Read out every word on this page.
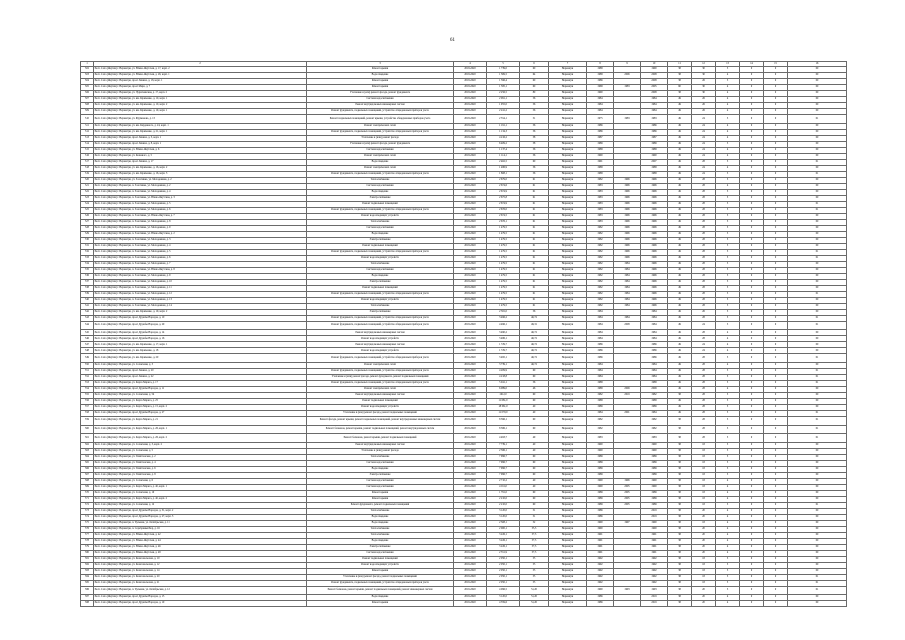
61
1	2	3	4	5	6	7	8	9	10	11	12	13	14	15	16
502	Респ. Саха (Якутия) г. Нерюнгри, ул. Южно-Якутская, д. 17, корп. 2	Ремонт крыши	2018-2020	1 739,0	60	Нерюнгри	1988		1990	38	30	5	0	0	00
503	Респ. Саха (Якутия) г. Нерюнгри, ул. Южно-Якутская, д. 26, корп. 1	Водоотведение	2018-2020	1 369,5	64	Нерюнгри	1988	2006	2008	38	30	4	0	0	00
504	Респ. Саха (Якутия) г. Нерюнгри, пр-кт Ленина, д. 18, корп. 1	Ремонт крыши	2018-2020	1 596,4	60	Нерюнгри	1986		2008	38	26	5	0	0	00
505	Респ. Саха (Якутия) г. Нерюнгри, пр-кт Мира, д. 7	Ремонт крыши	2018-2020	1 585,1	60	Нерюнгри	1968	1983	2005	90	30	4	0	0	00
506	Респ. Саха (Якутия) г. Нерюнгри, ул. Чурапчинская, д. 17, корп. 2	Утепление и (или) ремонт фасада, ремонт фундамента	2018-2020	2 256,5	80	Нерюнгри	1990		2008	38	30	4	0	0	00
507	Респ. Саха (Якутия) г. Нерюнгри, ул. им. Кравченко, д. 10, корп. 1	Система водоснабжения	2018-2020	2 091,1	56	Нерюнгри	1984		1984	49	26	4	0	0	00
508	Респ. Саха (Якутия) г. Нерюнгри, ул. им. Кравченко, д. 10, корп. 2	Ремонт внутридомовых инженерных систем	2018-2020	1 955,0	56	Нерюнгри	1984		1984	49	26	4	0	0	00
509	Респ. Саха (Якутия) г. Нерюнгри, ул. им. Кравченко, д. 19, корп. 1	Ремонт фундамента, подвальных помещений, устройство общедомовых приборов учета	2018-2020	2 241,2	56	Нерюнгри	1984		1984	49	26	4	0	0	00
510	Респ. Саха (Якутия) г. Нерюнгри, ул. Фурманова, д. 13	Ремонт подвальных помещений, ремонт крыши, устройство общедомовых приборов учета	2018-2020	2 554,1	51	Нерюнгри	1975	1983	1983	49	24	5	0	0	01
511	Респ. Саха (Якутия) г. Нерюнгри, ул. им. Карданного, д. 24, корп. 1	Ремонт электрических сетей	2018-2020	1 191,1	56	Нерюнгри	1986		1986	49	24	4	0	0	00
512	Респ. Саха (Якутия) г. Нерюнгри, ул. им. Кравченко, д. 21, корп. 1	Ремонт фундамента, подвальных помещений, устройство общедомовых приборов учета	2018-2020	1 134,3	56	Нерюнгри	1986		1986	49	24	4	0	0	00
513	Респ. Саха (Якутия) г. Нерюнгри, пр-кт Ленина, д. 3, корп. 1	Утепление и (или) ремонт фасада	2018-2020	4 216,2	58	Нерюнгри	1987		1987	49	24	4	0	0	00
514	Респ. Саха (Якутия) г. Нерюнгри, пр-кт Ленина, д. 8, корп. 1	Утепление и (или) ремонт фасада, ремонт фундамента	2018-2020	6 409,2	58	Нерюнгри	1989		1989	49	24	5	0	0	00
515	Респ. Саха (Якутия) г. Нерюнгри, ул. Южно-Якутская, д. 6	Система водоснабжения	2018-2020	1 137,4	56	Нерюнгри	1988		1988	49	24	4	0	0	00
516	Респ. Саха (Якутия) г. Нерюнгри, ул. Кошевого, д. 5	Ремонт электрических сетей	2018-2020	1 114,1	56	Нерюнгри	1990		1990	49	24	4	0	0	00
517	Респ. Саха (Якутия) г. Нерюнгри, пр-кт Ленина, д. 17	Водоотведение	2018-2020	2 462,5	60	Нерюнгри	1991		2007	49	28	5	0	0	01
518	Респ. Саха (Якутия) г. Нерюнгри, ул. им. Кравченко, д. 16, корп. 2	Ремонт электрических сетей	2018-2020	1 486,9	56	Нерюнгри	1988		1988	49	24	4	0	0	00
519	Респ. Саха (Якутия) г. Нерюнгри, ул. им. Кравченко, д. 16, корп. 3	Ремонт фундамента, подвальных помещений, устройство общедомовых приборов учета	2018-2020	1 808,1	56	Нерюнгри	1988		1988	49	24	5	0	0	01
520	Респ. Саха (Якутия) г. Нерюнгри, ул. Золотинка, ул. Молодежная, д. 2	Теплоснабжение	2018-2020	2 679,0	61	Нерюнгри	1982	1996	1996	49	28	5	0	0	00
521	Респ. Саха (Якутия) г. Нерюнгри, п. Золотинка, ул. Молодежная, д. 2	Система водоснабжения	2018-2020	2 674,6	61	Нерюнгри	1983	1996	1996	49	28	4	0	0	00
522	Респ. Саха (Якутия) г. Нерюнгри, п. Золотинка, ул. Молодежная, д. 4	Водоотведение	2018-2020	2 674,9	61	Нерюнгри	1983	1996	1996	49	28	5	0	0	00
523	Респ. Саха (Якутия) г. Нерюнгри, п. Золотинка, ул. Южно-Якутская, д. 3	Электроснабжение	2018-2020	2 675,8	61	Нерюнгри	1983	1996	1996	49	28	5	0	0	00
524	Респ. Саха (Якутия) г. Нерюнгри, п. Золотинка, ул. Молодежная, д. 5	Ремонт подвальных помещений	2018-2020	2 674,9	61	Нерюнгри	1983	1996	1996	49	28	5	0	0	01
525	Респ. Саха (Якутия) г. Нерюнгри, п. Золотинка, ул. Молодежная, д. 6	Ремонт фундамента, подвальных помещений, устройство общедомовых приборов учета	2018-2020	2 676,0	61	Нерюнгри	1983	1996	1996	49	28	5	0	0	01
526	Респ. Саха (Якутия) г. Нерюнгри, п. Золотинка, ул. Южно-Якутская, д. 7	Ремонт водоотводящих устройств	2018-2020	2 674,5	61	Нерюнгри	1983	1996	1996	49	28	5	0	0	00
527	Респ. Саха (Якутия) г. Нерюнгри, п. Золотинка, ул. Молодежная, д. 8	Теплоснабжение	2018-2020	2 676,1	61	Нерюнгри	1983	1996	1996	49	28	5	0	0	00
528	Респ. Саха (Якутия) г. Нерюнгри, п. Золотинка, ул. Молодежная, д. 9	Система водоснабжения	2018-2020	1 479,5	61	Нерюнгри	1982	1996	1996	49	28	5	0	0	00
529	Респ. Саха (Якутия) г. Нерюнгри, п. Золотинка, ул. Южно-Якутская, д. 2	Водоотведение	2018-2020	1 479,5	61	Нерюнгри	1982	1996	1996	49	28	5	0	0	00
530	Респ. Саха (Якутия) г. Нерюнгри, п. Золотинка, ул. Молодежная, д. 3	Электроснабжение	2018-2020	1 479,5	61	Нерюнгри	1982	1996	1996	49	28	5	0	0	00
531	Респ. Саха (Якутия) г. Нерюнгри, п. Золотинка, ул. Молодежная, д. 4	Ремонт подвальных помещений	2018-2020	1 479,5	61	Нерюнгри	1982	1996	1996	49	28	5	0	0	00
532	Респ. Саха (Якутия) г. Нерюнгри, п. Золотинка, ул. Молодежная, д. 5	Ремонт фундамента, подвальных помещений, устройство общедомовых приборов учета	2018-2020	1 479,5	61	Нерюнгри	1982	1996	1996	49	28	5	0	0	01
533	Респ. Саха (Якутия) г. Нерюнгри, п. Золотинка, ул. Молодежная, д. 6	Ремонт водоотводящих устройств	2018-2020	1 479,5	61	Нерюнгри	1982	1996	1996	49	28	5	0	0	01
534	Респ. Саха (Якутия) г. Нерюнгри, п. Золотинка, ул. Молодежная, д. 7	Теплоснабжение	2018-2020	1 479,5	61	Нерюнгри	1982	1984	1996	49	28	5	0	0	00
535	Респ. Саха (Якутия) г. Нерюнгри, п. Золотинка, ул. Южно-Якутская, д. 8	Система водоснабжения	2018-2020	1 479,5	61	Нерюнгри	1982	1984	1996	49	28	5	0	0	00
536	Респ. Саха (Якутия) г. Нерюнгри, п. Золотинка, ул. Молодежная, д. 9	Водоотведение	2018-2020	1 479,5	61	Нерюнгри	1982	1984	1996	49	28	5	0	0	00
537	Респ. Саха (Якутия) г. Нерюнгри, п. Золотинка, ул. Молодежная, д. 10	Электроснабжение	2018-2020	1 479,5	61	Нерюнгри	1982	1984	1996	49	28	5	0	0	00
538	Респ. Саха (Якутия) г. Нерюнгри, п. Золотинка, ул. Молодежная, д. 11	Ремонт подвальных помещений	2018-2020	1 479,5	61	Нерюнгри	1982	1984	1996	49	28	5	0	0	00
539	Респ. Саха (Якутия) г. Нерюнгри, п. Золотинка, ул. Молодежная, д. 12	Ремонт фундамента, подвальных помещений, устройство общедомовых приборов учета	2018-2020	1 479,5	61	Нерюнгри	1982	1984	1996	49	28	5	0	0	01
540	Респ. Саха (Якутия) г. Нерюнгри, п. Золотинка, ул. Молодежная, д. 13	Ремонт водоотводящих устройств	2018-2020	1 479,5	61	Нерюнгри	1982	1984	1996	49	28	5	0	0	00
541	Респ. Саха (Якутия) г. Нерюнгри, п. Золотинка, ул. Молодежная, д. 14	Теплоснабжение	2018-2020	1 479,5	61	Нерюнгри	1982	1984	1996	49	28	5	0	0	00
542	Респ. Саха (Якутия) г. Нерюнгри, ул. им. Кравченко, д. 19, корп. 2	Электроснабжение	2018-2020	2 581,0	56	Нерюнгри	1984		1984	49	26	5	0	0	00
543	Респ. Саха (Якутия) г. Нерюнгри, пр-кт Дружбы Народов, д. 10	Ремонт фундамента, подвальных помещений, устройство общедомовых приборов учета	2018-2020	3 496,2	46,72	Нерюнгри	1984	1984	1984	49	28	5	0	0	01
544	Респ. Саха (Якутия) г. Нерюнгри, пр-кт Дружбы Народов, д. 29	Ремонт фундамента, подвальных помещений, устройство общедомовых приборов учета	2018-2020	4 496,1	49,31	Нерюнгри	1984	2008	1984	49	24	5	0	0	01
545	Респ. Саха (Якутия) г. Нерюнгри, пр-кт Дружбы Народов, д. 14	Ремонт внутридомовых инженерных систем	2018-2020	3 490,2	46,72	Нерюнгри	1984		1984	49	28	4	0	0	00
546	Респ. Саха (Якутия) г. Нерюнгри, пр-кт Дружбы Народов, д. 16	Ремонт водоотводящих устройств	2018-2020	3 486,1	46,72	Нерюнгри	1984		1984	49	28	4	0	0	00
547	Респ. Саха (Якутия) г. Нерюнгри, ул. им. Кравченко, д. 17, корп. 1	Ремонт внутридомовых инженерных систем	2018-2020	1 729,7	46,72	Нерюнгри	1986		1986	49	24	4	0	0	00
548	Респ. Саха (Якутия) г. Нерюнгри, ул. им. Кравченко, д. 18	Ремонт водоотводящих устройств	2018-2020	1 729,7	46,72	Нерюнгри	1986		1986	49	24	4	0	0	00
549	Респ. Саха (Якутия) г. Нерюнгри, ул. им. Кравченко, д. 20	Ремонт фундамента, подвальных помещений, устройство общедомовых приборов учета	2018-2020	3 495,1	46,72	Нерюнгри	1986		1986	49	28	5	0	0	01
550	Респ. Саха (Якутия) г. Нерюнгри, ул. Солнечная, д. 3	Ремонт электрических сетей	2018-2020	3 739,1	46,72	Нерюнгри	1984		1984	49	28	4	0	0	00
551	Респ. Саха (Якутия) г. Нерюнгри, пр-кт Ленина, д. 20	Ремонт фундамента, подвальных помещений, устройство общедомовых приборов учета	2018-2020	4 209,9	60	Нерюнгри	1984		1984	49	28	5	0	0	01
552	Респ. Саха (Якутия) г. Нерюнгри, пр-кт Ленина, д. 22	Утепление и (или) ремонт фасада, ремонт фундамента, ремонт подвальных помещений	2018-2020	4 218,8	60	Нерюнгри	1984		1984	49	28	5	0	0	01
553	Респ. Саха (Якутия) г. Нерюнгри, ул. Карла Маркса, д. 17	Ремонт фундамента, подвальных помещений, устройство общедомовых приборов учета	2018-2020	5 041,1	56	Нерюнгри	1988		1988	49	28	5	0	0	01
554	Респ. Саха (Якутия) г. Нерюнгри, пр-кт Дружбы Народов, д. 11	Ремонт электрических сетей	2018-2020	6 089,0	46	Нерюнгри	1988	2009	2009	49	28	4	0	0	00
555	Респ. Саха (Якутия) г. Нерюнгри, ул. Солнечная, д. 54	Ремонт внутридомовых инженерных систем	2018-2020	1612,0	60	Нерюнгри	1982	2019	1982	38	28	5	0	0	00
556	Респ. Саха (Якутия) г. Нерюнгри, ул. Карла Маркса, д. 25	Ремонт подвальных помещений	2018-2020	11 681,0	60	Нерюнгри	1988		1988	49	28	5	0	0	00
557	Респ. Саха (Якутия) г. Нерюнгри, ул. Карла Маркса, д. 15, корп. 2	Ремонт водоотводящих устройств	2018-2020	18 061,0	40	Нерюнгри	1989		1989	49	28	5	0	0	00
558	Респ. Саха (Якутия) г. Нерюнгри, пр-кт Дружбы Народов, д. 27	Утепление и (или) ремонт фасада, ремонт подвальных помещений	2018-2020	11 070,0	40	Нерюнгри	1984	2001	1984	49	28	5	0	0	01
559	Респ. Саха (Якутия) г. Нерюнгри, ул. Карла Маркса, д. 21	Ремонт фасада, ремонт крыши, ремонт подвальных помещений, ремонт внутридомовых инженерных систем	2018-2020	8 396,1	60	Нерюнгри	1982		1982	38	28	5	0	0	01
560	Респ. Саха (Якутия) г. Нерюнгри, ул. Карла Маркса, д. 26, корп. 1	Ремонт балконов, ремонт крыши, ремонт подвальных помещений, ремонт внутридомовых систем	2018-2020	8 386,1	60	Нерюнгри	1982		1982	38	28	5	0	0	01
561	Респ. Саха (Якутия) г. Нерюнгри, ул. Карла Маркса, д. 26, корп. 2	Ремонт балконов, ремонт крыши, ремонт подвальных помещений	2019-2020	4 493,7	49	Нерюнгри	1983		1983	38	28	5	0	0	01
562	Респ. Саха (Якутия) г. Нерюнгри, ул. Солнечная, д. 3, корп. 2	Ремонт внутридомовых инженерных систем	2019-2020	7 739,1	40	Нерюнгри	1990		1990	38	18	5	0	0	00
563	Респ. Саха (Якутия) г. Нерюнгри, ул. Солнечная, д. 5	Утепление и (или) ремонт фасада	2019-2020	2 586,1	40	Нерюнгри	1990		1990	38	18	5	0	0	00
564	Респ. Саха (Якутия) г. Нерюнгри, ул. Тимптонская, д. 2	Теплоснабжение	2019-2020	7 996,7	60	Нерюнгри	1989		1989	38	18	5	0	0	00
565	Респ. Саха (Якутия) г. Нерюнгри, ул. Тимптонская, д. 4	Система водоснабжения	2019-2020	7 996,7	60	Нерюнгри	1989		1989	38	18	5	0	0	00
566	Респ. Саха (Якутия) г. Нерюнгри, ул. Тимптонская, д. 6	Водоотведение	2019-2020	7 996,7	60	Нерюнгри	1989		1989	38	18	5	0	0	00
567	Респ. Саха (Якутия) г. Нерюнгри, ул. Тимптонская, д. 8	Электроснабжение	2019-2020	7 996,7	60	Нерюнгри	1989		1989	38	18	5	0	0	00
568	Респ. Саха (Якутия) г. Нерюнгри, ул. Солнечная, д. 6	Система водоснабжения	2019-2020	2 710,2	40	Нерюнгри	1990	1996	1990	38	18	4	0	0	00
569	Респ. Саха (Якутия) г. Нерюнгри, ул. Карла Маркса, д. 4б, корп. 1	Система водоснабжения	2019-2020	4 011,0	40	Нерюнгри	1990	2005	1990	38	18	4	0	0	00
570	Респ. Саха (Якутия) г. Нерюнгри, ул. Солнечная, д. 10	Ремонт крыши	2019-2020	1 791,0	60	Нерюнгри	1989	2005	1989	38	18	4	0	0	00
571	Респ. Саха (Якутия) г. Нерюнгри, ул. Карла Маркса, д. 4б, корп. 2	Ремонт крыши	2019-2020	2 210,0	60	Нерюнгри	1989	2005	1989	38	18	4	0	0	00
572	Респ. Саха (Якутия) г. Нерюнгри, ул. Солнечная, д. 12	Ремонт фундамента, ремонт подвальных помещений	2019-2020	2 210,0	60	Нерюнгри	1989	2005	1989	38	18	5	0	0	01
573	Респ. Саха (Якутия) г. Нерюнгри, пр-кт Дружбы Народов, д. 31, корп. 2	Теплоснабжение	2019-2020	3 120,0	51	Нерюнгри	1986		2019	38	20	4	0	0	00
574	Респ. Саха (Якутия) г. Нерюнгри, пр-кт Дружбы Народов, д. 27, корп. 3	Водоотведение	2019-2020	3 120,0	51	Нерюнгри	1986		2019	38	20	4	0	0	00
575	Респ. Саха (Якутия) г. Нерюнгри, п. Чульман, ул. Октябрьская, д. 11	Водоотведение	2019-2020	2 308,1	52	Нерюнгри	1990	1997	1990	38	18	4	0	0	00
576	Респ. Саха (Якутия) г. Нерюнгри, п. Серебряный Бор, д. 16	Теплоснабжение	2019-2020	2 000,1	55,5	Нерюнгри	1990		1990	38	20	4	0	0	00
577	Респ. Саха (Якутия) г. Нерюнгри, ул. Южно-Якутская, д. 42	Теплоснабжение	2019-2020	3 226,1	57,5	Нерюнгри	1991		1991	38	20	4	0	0	00
578	Респ. Саха (Якутия) г. Нерюнгри, ул. Южно-Якутская, д. 44	Водоотведение	2019-2020	3 226,1	57,5	Нерюнгри	1991		1991	38	20	4	0	0	00
579	Респ. Саха (Якутия) г. Нерюнгри, ул. Южно-Якутская, д. 46	Электроснабжение	2019-2020	3 226,1	57,5	Нерюнгри	1991		1991	38	20	4	0	0	00
580	Респ. Саха (Якутия) г. Нерюнгри, ул. Южно-Якутская, д. 48	Система водоснабжения	2019-2020	2 551,9	57,5	Нерюнгри	1991		1991	38	20	4	0	0	00
581	Респ. Саха (Якутия) г. Нерюнгри, ул. Комсомольская, д. 10	Ремонт подвальных помещений	2019-2020	2 050,1	55	Нерюнгри	1992		1992	38	18	5	0	0	00
582	Респ. Саха (Якутия) г. Нерюнгри, ул. Комсомольская, д. 12	Ремонт водоотводящих устройств	2019-2020	2 050,1	55	Нерюнгри	1992		1992	38	18	5	0	0	00
583	Респ. Саха (Якутия) г. Нерюнгри, ул. Комсомольская, д. 14	Ремонт крыши	2019-2020	2 050,1	55	Нерюнгри	1992		1992	38	18	5	0	0	00
584	Респ. Саха (Якутия) г. Нерюнгри, ул. Комсомольская, д. 20	Утепление и (или) ремонт фасада, ремонт подвальных помещений	2019-2020	2 050,1	55	Нерюнгри	1992		1992	38	18	5	0	0	01
585	Респ. Саха (Якутия) г. Нерюнгри, ул. Комсомольская, д. 21	Ремонт фундамента, подвальных помещений, устройство общедомовых приборов учета	2019-2020	2 050,1	55	Нерюнгри	1992		1992	38	18	5	0	0	01
586	Респ. Саха (Якутия) г. Нерюнгри, п. Чульман, ул. Октябрьская, д. 12	Ремонт балконов, ремонт крыши, ремонт подвальных помещений, ремонт инженерных систем	2019-2020	4 096,5	51,20	Нерюнгри	1990	1993	1993	38	20	5	0	0	01
587	Респ. Саха (Якутия) г. Нерюнгри, пр-кт Дружбы Народов, д. 15	Водоотведение	2019-2020	3 120,0	51,20	Нерюнгри	1986		2019	38	20	4	0	0	00
588	Респ. Саха (Якутия) г. Нерюнгри, пр-кт Дружбы Народов, д. 19	Ремонт крыши	2019-2020	4 359,6	51,20	Нерюнгри	1986		2019	38	20	4	0	0	00
